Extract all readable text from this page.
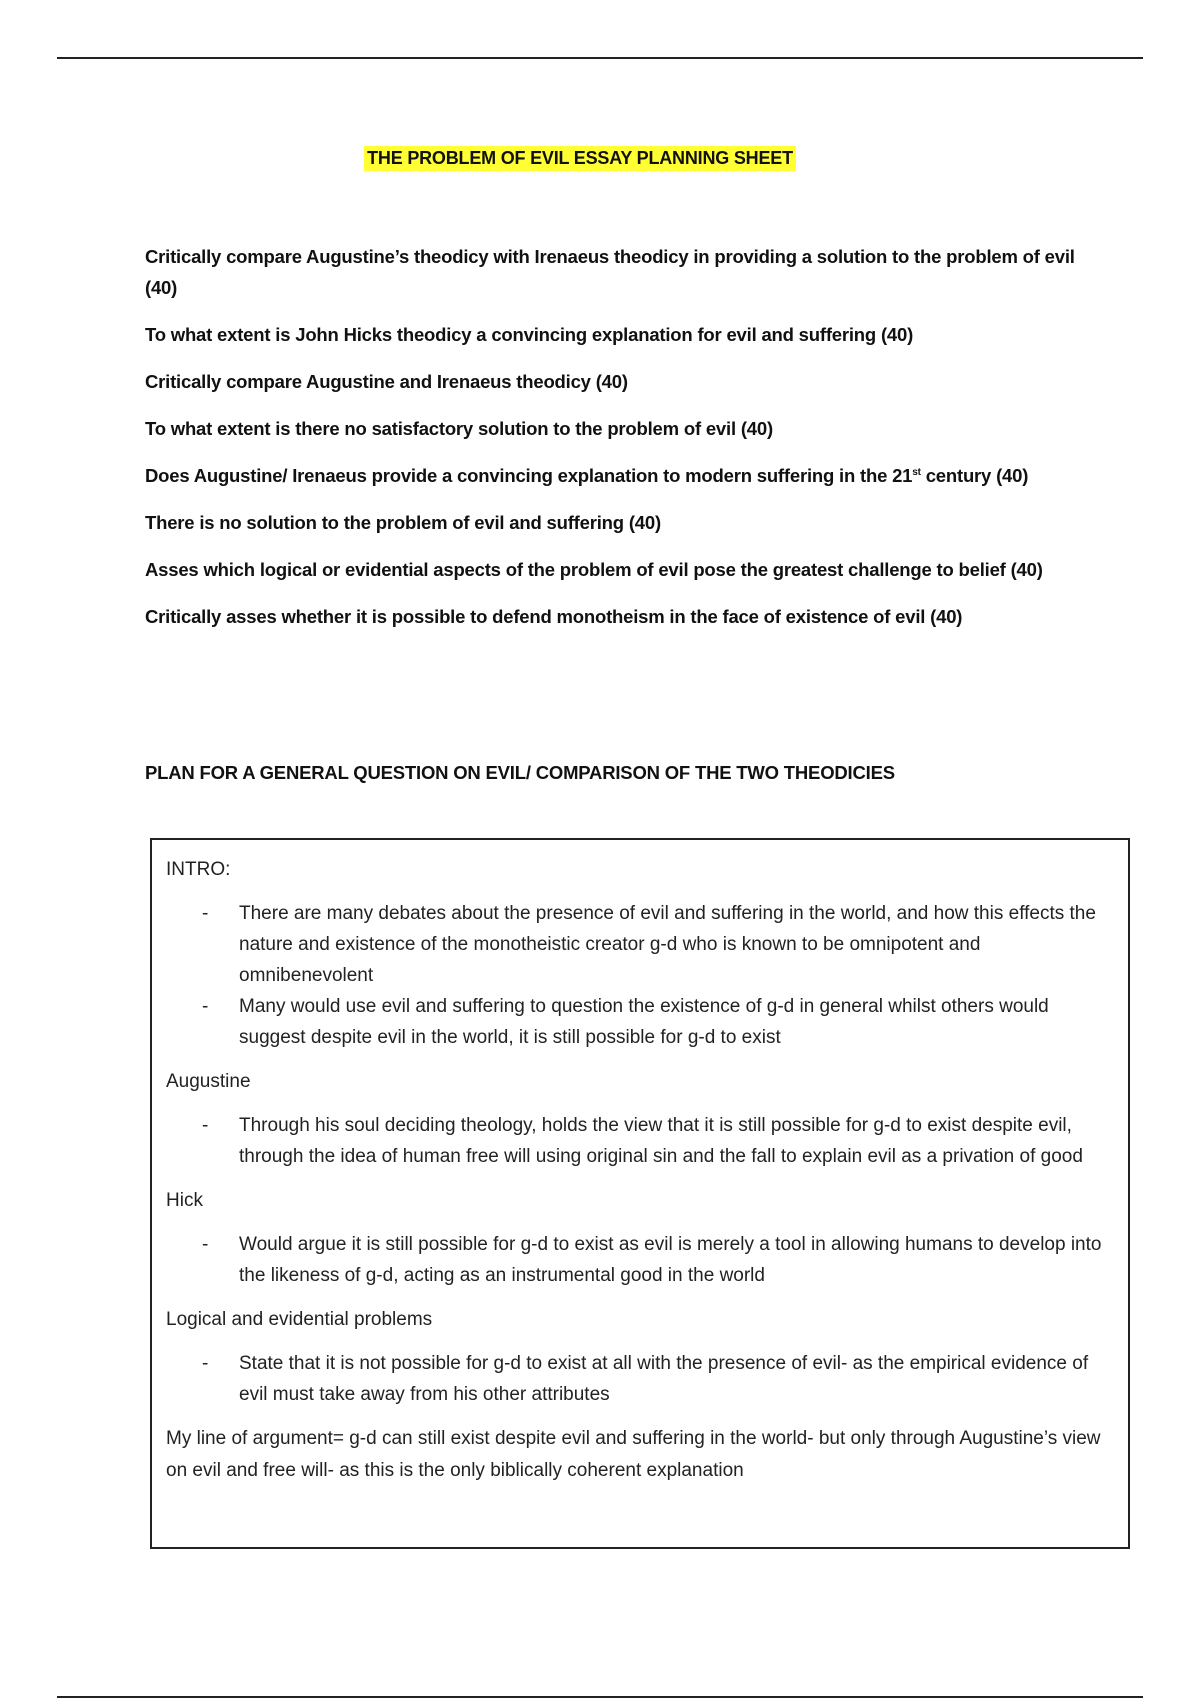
THE PROBLEM OF EVIL ESSAY PLANNING SHEET
Critically compare Augustine’s theodicy with Irenaeus theodicy in providing a solution to the problem of evil (40)
To what extent is John Hicks theodicy a convincing explanation for evil and suffering (40)
Critically compare Augustine and Irenaeus theodicy (40)
To what extent is there no satisfactory solution to the problem of evil (40)
Does Augustine/ Irenaeus provide a convincing explanation to modern suffering in the 21st century (40)
There is no solution to the problem of evil and suffering (40)
Asses which logical or evidential aspects of the problem of evil pose the greatest challenge to belief (40)
Critically asses whether it is possible to defend monotheism in the face of existence of evil (40)
PLAN FOR A GENERAL QUESTION ON EVIL/ COMPARISON OF THE TWO THEODICIES
INTRO:
- There are many debates about the presence of evil and suffering in the world, and how this effects the nature and existence of the monotheistic creator g-d who is known to be omnipotent and omnibenevolent
- Many would use evil and suffering to question the existence of g-d in general whilst others would suggest despite evil in the world, it is still possible for g-d to exist
Augustine
- Through his soul deciding theology, holds the view that it is still possible for g-d to exist despite evil, through the idea of human free will using original sin and the fall to explain evil as a privation of good
Hick
- Would argue it is still possible for g-d to exist as evil is merely a tool in allowing humans to develop into the likeness of g-d, acting as an instrumental good in the world
Logical and evidential problems
- State that it is not possible for g-d to exist at all with the presence of evil- as the empirical evidence of evil must take away from his other attributes
My line of argument= g-d can still exist despite evil and suffering in the world- but only through Augustine’s view on evil and free will- as this is the only biblically coherent explanation
